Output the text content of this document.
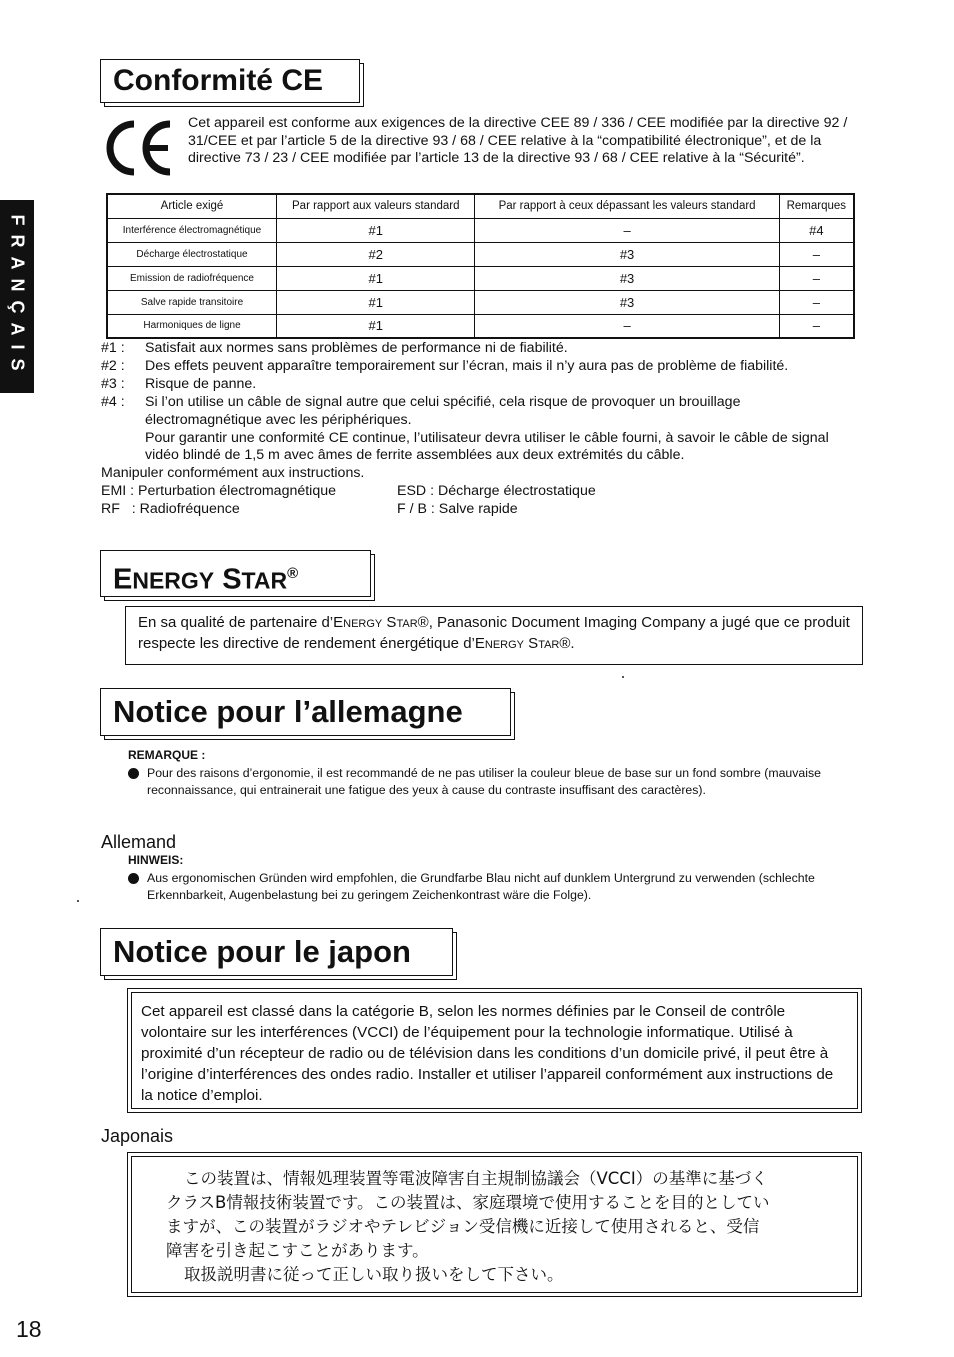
FRANÇAIS
Conformité CE
Cet appareil est conforme aux exigences de la directive CEE 89 / 336 / CEE modifiée par la directive 92 / 31/CEE et par l’article 5 de la directive 93 / 68 / CEE relative à la “compatibilité électronique”, et de la directive 73 / 23 / CEE modifiée par l’article 13 de la directive 93 / 68 / CEE relative à la “Sécurité”.
Article exigé	Par rapport aux valeurs standard	Par rapport à ceux dépassant les valeurs standard	Remarques
Interférence électromagnétique	#1	–	#4
Décharge électrostatique	#2	#3	–
Emission de radiofréquence	#1	#3	–
Salve rapide transitoire	#1	#3	–
Harmoniques de ligne	#1	–	–
#1 :	Satisfait aux normes sans problèmes de performance ni de fiabilité.
#2 :	Des effets peuvent apparaître temporairement sur l’écran, mais il n’y aura pas de problème de fiabilité.
#3 :	Risque de panne.
#4 :	Si l’on utilise un câble de signal autre que celui spécifié, cela risque de provoquer un brouillage électromagnétique avec les périphériques.
Pour garantir une conformité CE continue, l’utilisateur devra utiliser le câble fourni, à savoir le câble de signal vidéo blindé de 1,5 m avec âmes de ferrite assemblées aux deux extrémités du câble.
Manipuler conformément aux instructions.
EMI : Perturbation électromagnétique	ESD : Décharge électrostatique
RF   : Radiofréquence	F / B : Salve rapide
ENERGY STAR®
En sa qualité de partenaire d’ENERGY STAR®, Panasonic Document Imaging Company a jugé que ce produit respecte les directive de rendement énergétique d’ENERGY STAR®.
Notice pour l’allemagne
REMARQUE :
Pour des raisons d’ergonomie, il est recommandé de ne pas utiliser la couleur bleue de base sur un fond sombre (mauvaise reconnaissance, qui entrainerait une fatigue des yeux à cause du contraste insuffisant des caractères).
Allemand
HINWEIS:
Aus ergonomischen Gründen wird empfohlen, die Grundfarbe Blau nicht auf dunklem Untergrund zu verwenden (schlechte Erkennbarkeit, Augenbelastung bei zu geringem Zeichenkontrast wäre die Folge).
Notice pour le japon
Cet appareil est classé dans la catégorie B, selon les normes définies par le Conseil de contrôle volontaire sur les interférences (VCCI) de l’équipement pour la technologie informatique. Utilisé à proximité d’un récepteur de radio ou de télévision dans les conditions d’un domicile privé, il peut être à l’origine d’interférences des ondes radio. Installer et utiliser l’appareil conformément aux instructions de la notice d’emploi.
Japonais

この装置は、情報処理装置等電波障害自主規制協議会（VCCI）の基準に基づく

クラスB情報技術装置です。この装置は、家庭環境で使用することを目的としてい

ますが、この装置がラジオやテレビジョン受信機に近接して使用されると、受信

障害を引き起こすことがあります。

取扱説明書に従って正しい取り扱いをして下さい。

18
